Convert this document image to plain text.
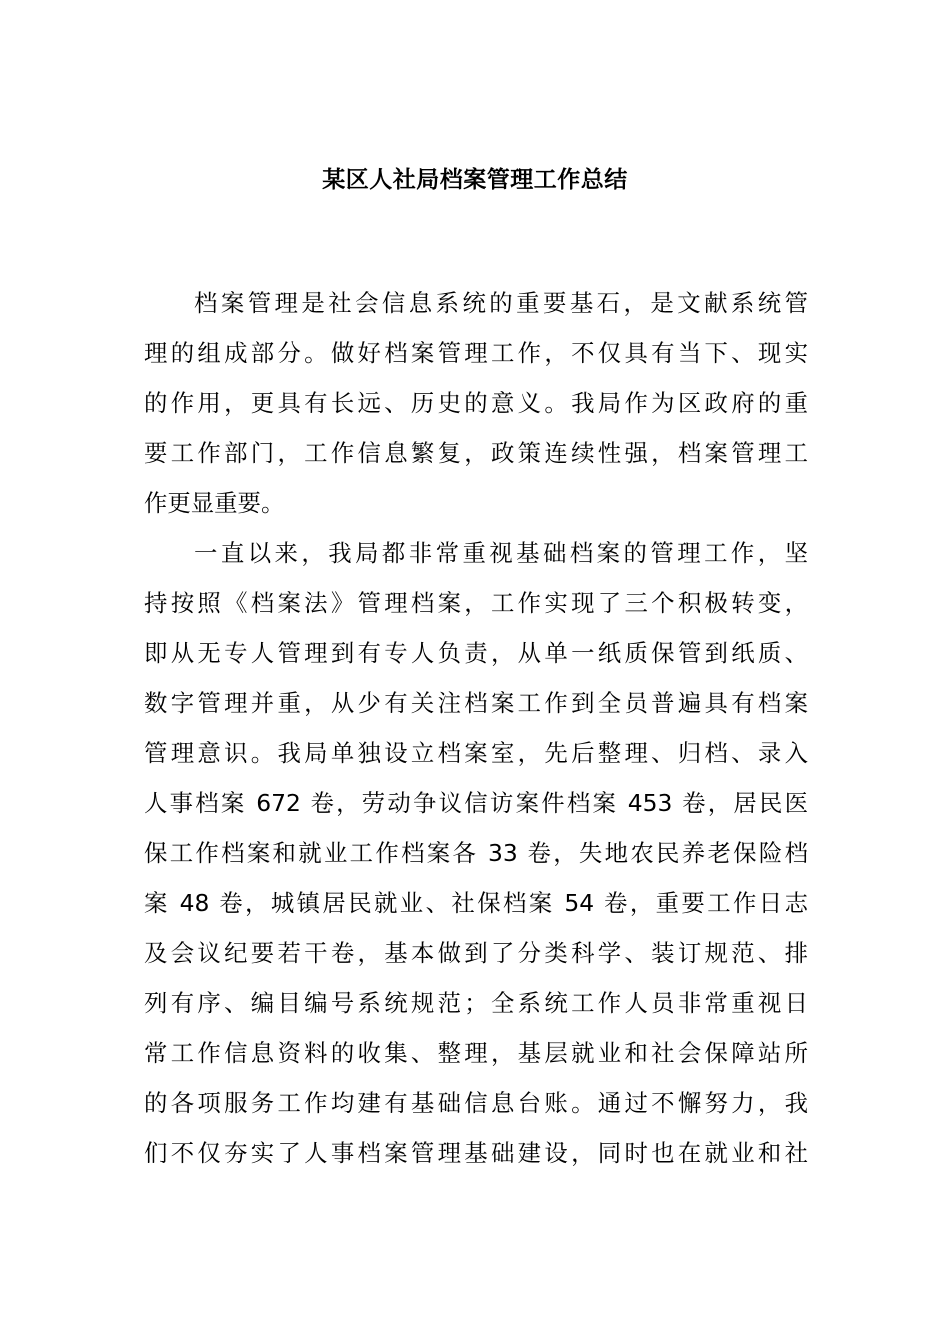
某区人社局档案管理工作总结
档案管理是社会信息系统的重要基石，是文献系统管
理的组成部分。做好档案管理工作，不仅具有当下、现实
的作用，更具有长远、历史的意义。我局作为区政府的重
要工作部门，工作信息繁复，政策连续性强，档案管理工
作更显重要。
一直以来，我局都非常重视基础档案的管理工作，坚
持按照《档案法》管理档案，工作实现了三个积极转变，
即从无专人管理到有专人负责，从单一纸质保管到纸质、
数字管理并重，从少有关注档案工作到全员普遍具有档案
管理意识。我局单独设立档案室，先后整理、归档、录入
人事档案 672 卷，劳动争议信访案件档案 453 卷，居民医
保工作档案和就业工作档案各 33 卷，失地农民养老保险档
案 48 卷，城镇居民就业、社保档案 54 卷，重要工作日志
及会议纪要若干卷，基本做到了分类科学、装订规范、排
列有序、编目编号系统规范；全系统工作人员非常重视日
常工作信息资料的收集、整理，基层就业和社会保障站所
的各项服务工作均建有基础信息台账。通过不懈努力，我
们不仅夯实了人事档案管理基础建设，同时也在就业和社
